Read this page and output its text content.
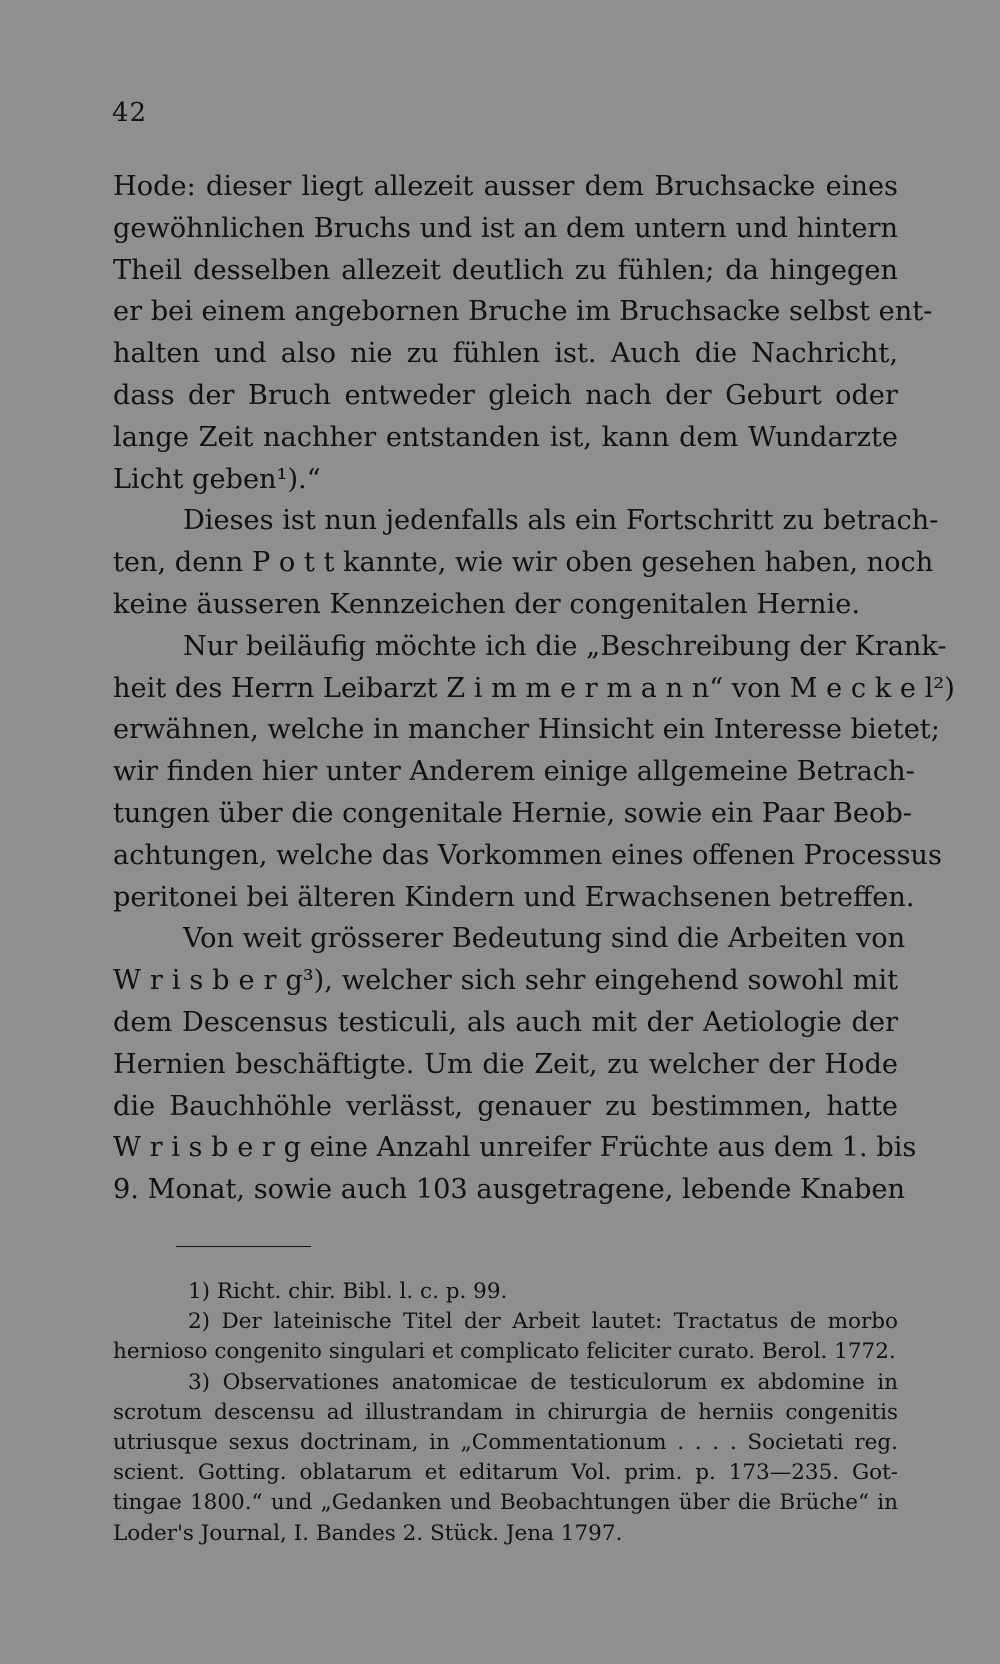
42
Hode: dieser liegt allezeit ausser dem Bruchsacke eines
gewöhnlichen Bruchs und ist an dem untern und hintern
Theil desselben allezeit deutlich zu fühlen; da hingegen
er bei einem angebornen Bruche im Bruchsacke selbst ent-
halten und also nie zu fühlen ist. Auch die Nachricht,
dass der Bruch entweder gleich nach der Geburt oder
lange Zeit nachher entstanden ist, kann dem Wundarzte
Licht geben¹).“
Dieses ist nun jedenfalls als ein Fortschritt zu betrach-
ten, denn P o t t kannte, wie wir oben gesehen haben, noch
keine äusseren Kennzeichen der congenitalen Hernie.
Nur beiläufig möchte ich die „Beschreibung der Krank-
heit des Herrn Leibarzt Z i m m e r m a n n“ von M e c k e l²)
erwähnen, welche in mancher Hinsicht ein Interesse bietet;
wir finden hier unter Anderem einige allgemeine Betrach-
tungen über die congenitale Hernie, sowie ein Paar Beob-
achtungen, welche das Vorkommen eines offenen Processus
peritonei bei älteren Kindern und Erwachsenen betreffen.
Von weit grösserer Bedeutung sind die Arbeiten von
W r i s b e r g³), welcher sich sehr eingehend sowohl mit
dem Descensus testiculi, als auch mit der Aetiologie der
Hernien beschäftigte. Um die Zeit, zu welcher der Hode
die Bauchhöhle verlässt, genauer zu bestimmen, hatte
W r i s b e r g eine Anzahl unreifer Früchte aus dem 1. bis
9. Monat, sowie auch 103 ausgetragene, lebende Knaben
1) Richt. chir. Bibl. l. c. p. 99.
2) Der lateinische Titel der Arbeit lautet: Tractatus de morbo
hernioso congenito singulari et complicato feliciter curato. Berol. 1772.
3) Observationes anatomicae de testiculorum ex abdomine in
scrotum descensu ad illustrandam in chirurgia de herniis congenitis
utriusque sexus doctrinam, in „Commentationum . . . . Societati reg.
scient. Gotting. oblatarum et editarum Vol. prim. p. 173—235. Got-
tingae 1800.“ und „Gedanken und Beobachtungen über die Brüche“ in
Loder's Journal, I. Bandes 2. Stück. Jena 1797.
